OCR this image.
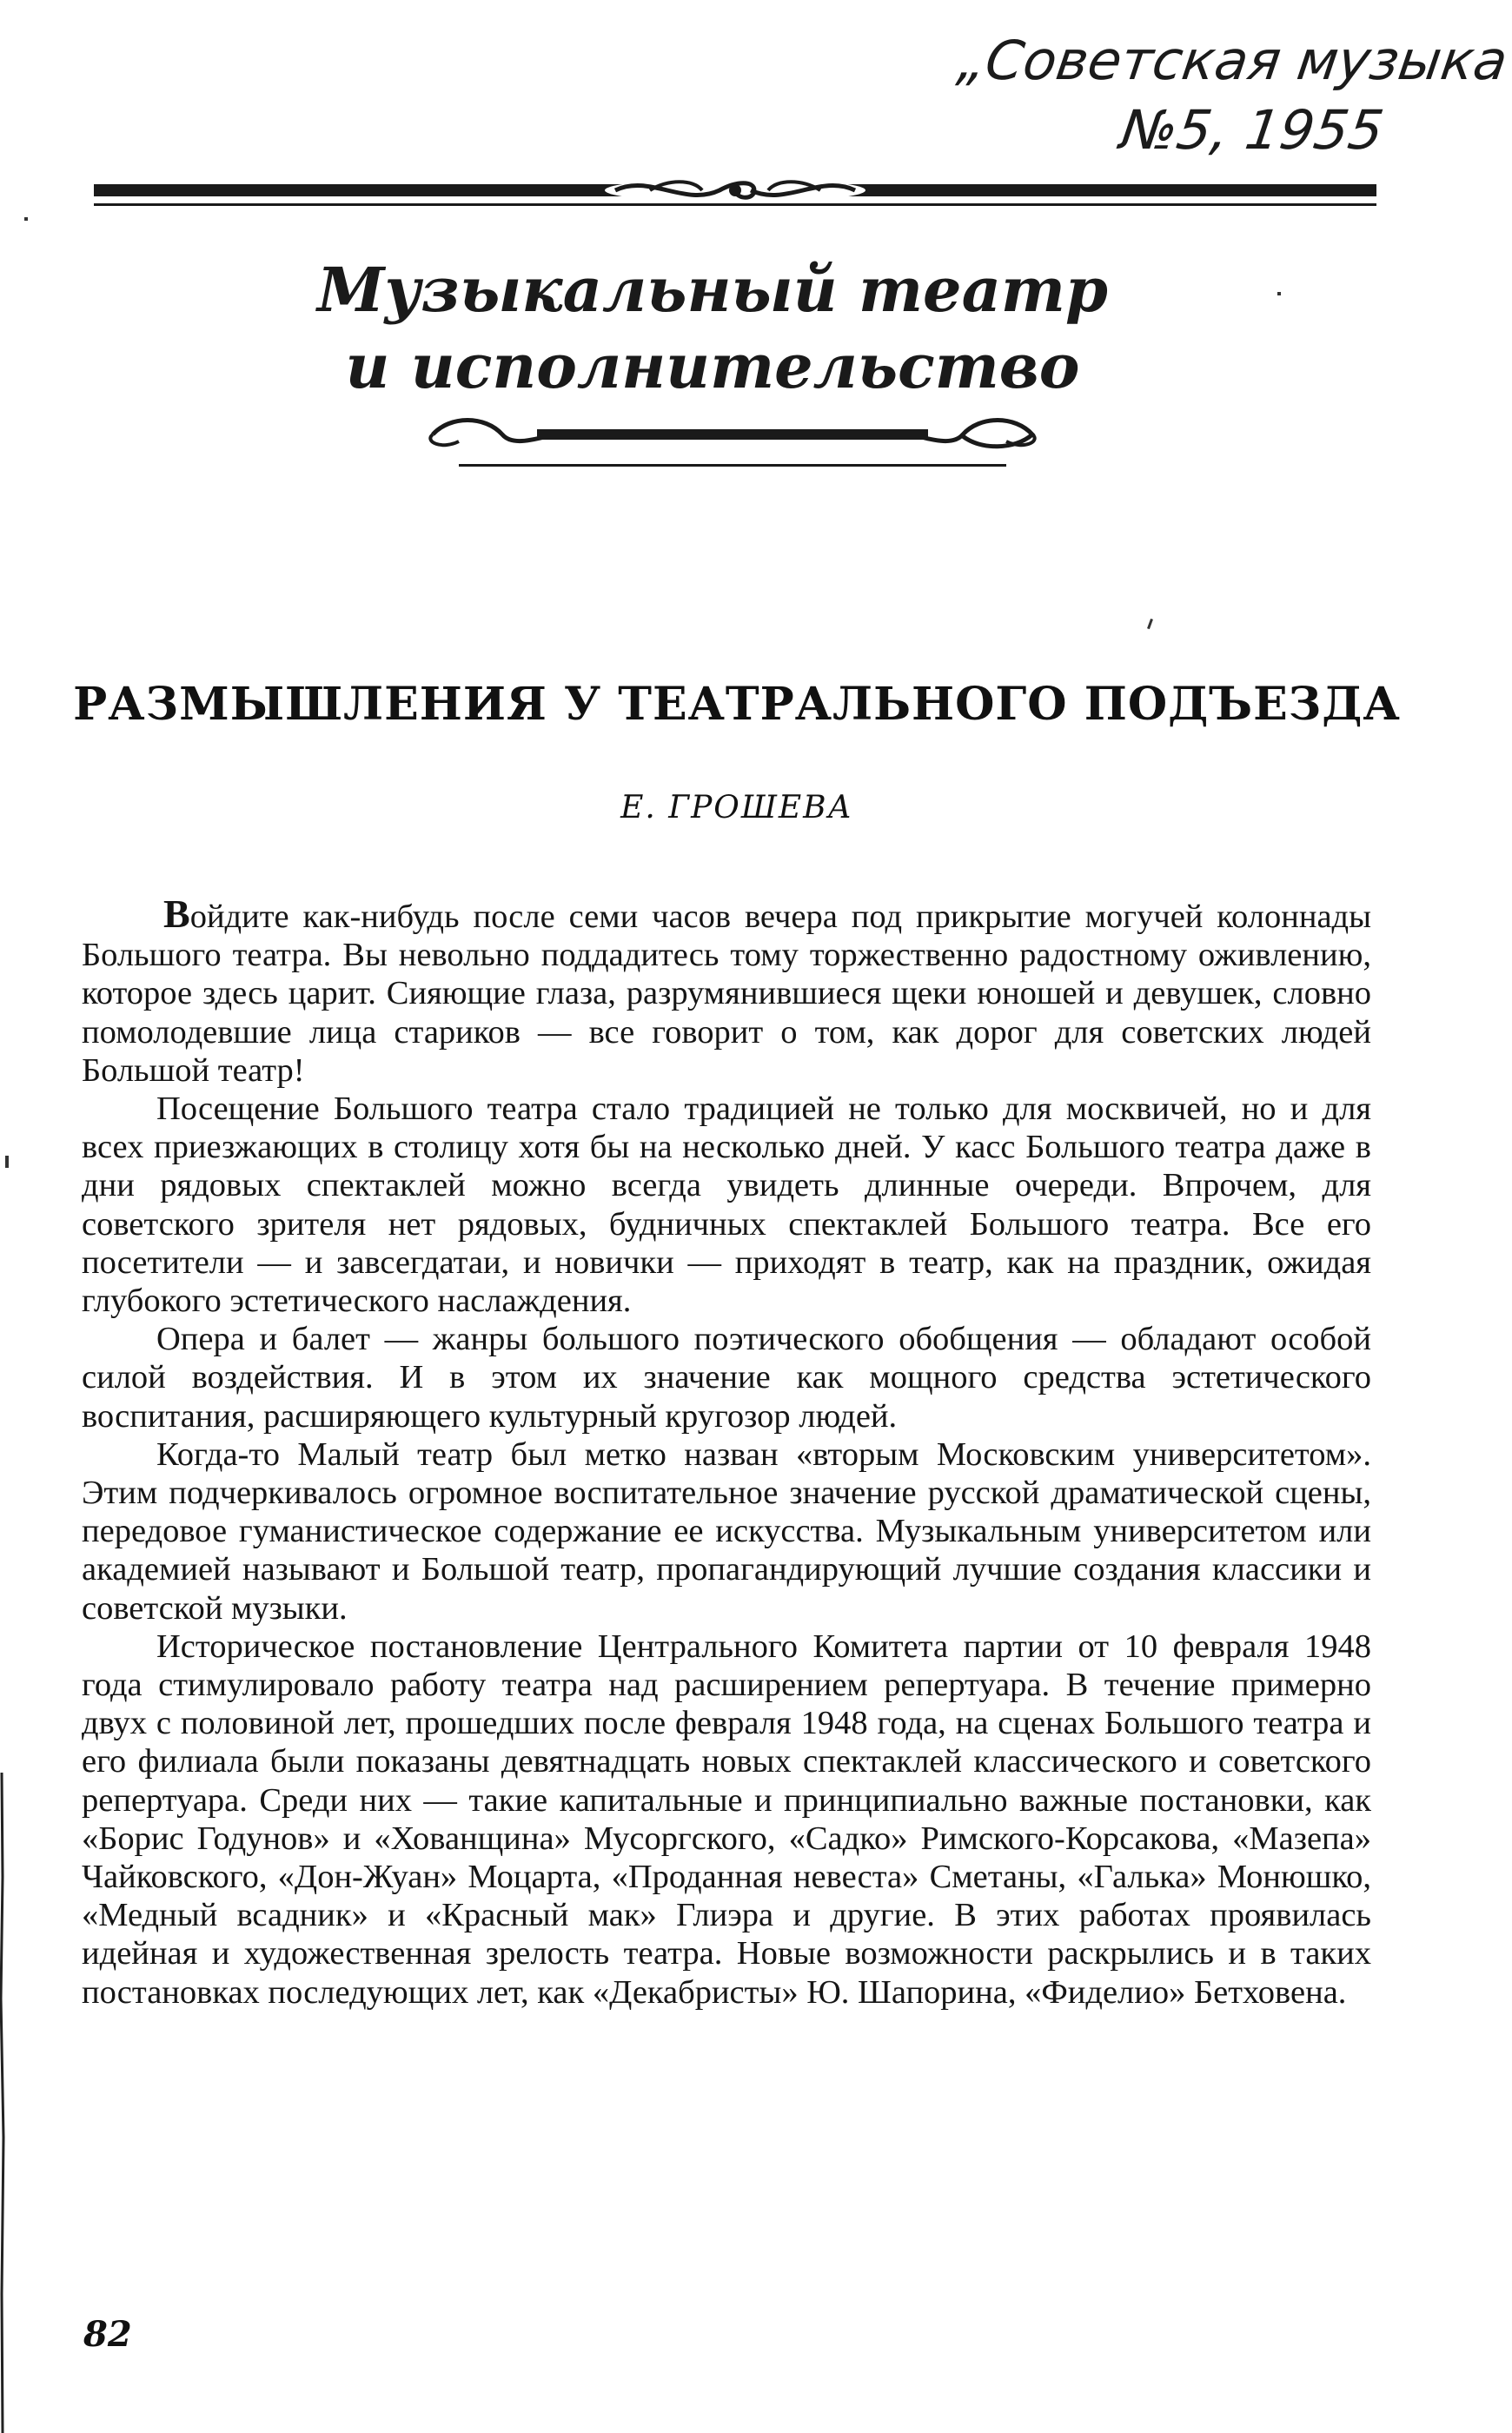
„Советская музыка
№5, 1955
Музыкальный театр
и исполнительство
РАЗМЫШЛЕНИЯ У ТЕАТРАЛЬНОГО ПОДЪЕЗДА
Е. ГРОШЕВА

Войдите как-нибудь после семи часов вечера под прикрытие могучей колоннады Большого театра. Вы невольно поддадитесь тому торжественно радостному оживлению, которое здесь царит. Сияющие глаза, разрумянившиеся щеки юношей и девушек, словно помолодевшие лица стариков — все говорит о том, как дорог для советских людей Большой театр!

Посещение Большого театра стало традицией не только для москвичей, но и для всех приезжающих в столицу хотя бы на несколько дней. У касс Большого театра даже в дни рядовых спектаклей можно всегда увидеть длинные очереди. Впрочем, для советского зрителя нет рядовых, будничных спектаклей Большого театра. Все его посетители — и завсегдатаи, и новички — приходят в театр, как на праздник, ожидая глубокого эстетического наслаждения.

Опера и балет — жанры большого поэтического обобщения — обладают особой силой воздействия. И в этом их значение как мощного средства эстетического воспитания, расширяющего культурный кругозор людей.

Когда-то Малый театр был метко назван «вторым Московским университетом». Этим подчеркивалось огромное воспитательное значение русской драматической сцены, передовое гуманистическое содержание ее искусства. Музыкальным университетом или академией называют и Большой театр, пропагандирующий лучшие создания классики и советской музыки.

Историческое постановление Центрального Комитета партии от 10 февраля 1948 года стимулировало работу театра над расширением репертуара. В течение примерно двух с половиной лет, прошедших после февраля 1948 года, на сценах Большого театра и его филиала были показаны девятнадцать новых спектаклей классического и советского репертуара. Среди них — такие капитальные и принципиально важные постановки, как «Борис Годунов» и «Хованщина» Мусоргского, «Садко» Римского-Корсакова, «Мазепа» Чайковского, «Дон-Жуан» Моцарта, «Проданная невеста» Сметаны, «Галька» Монюшко, «Медный всадник» и «Красный мак» Глиэра и другие. В этих работах проявилась идейная и художественная зрелость театра. Новые возможности раскрылись и в таких постановках последующих лет, как «Декабристы» Ю. Шапорина, «Фиделио» Бетховена.

82
